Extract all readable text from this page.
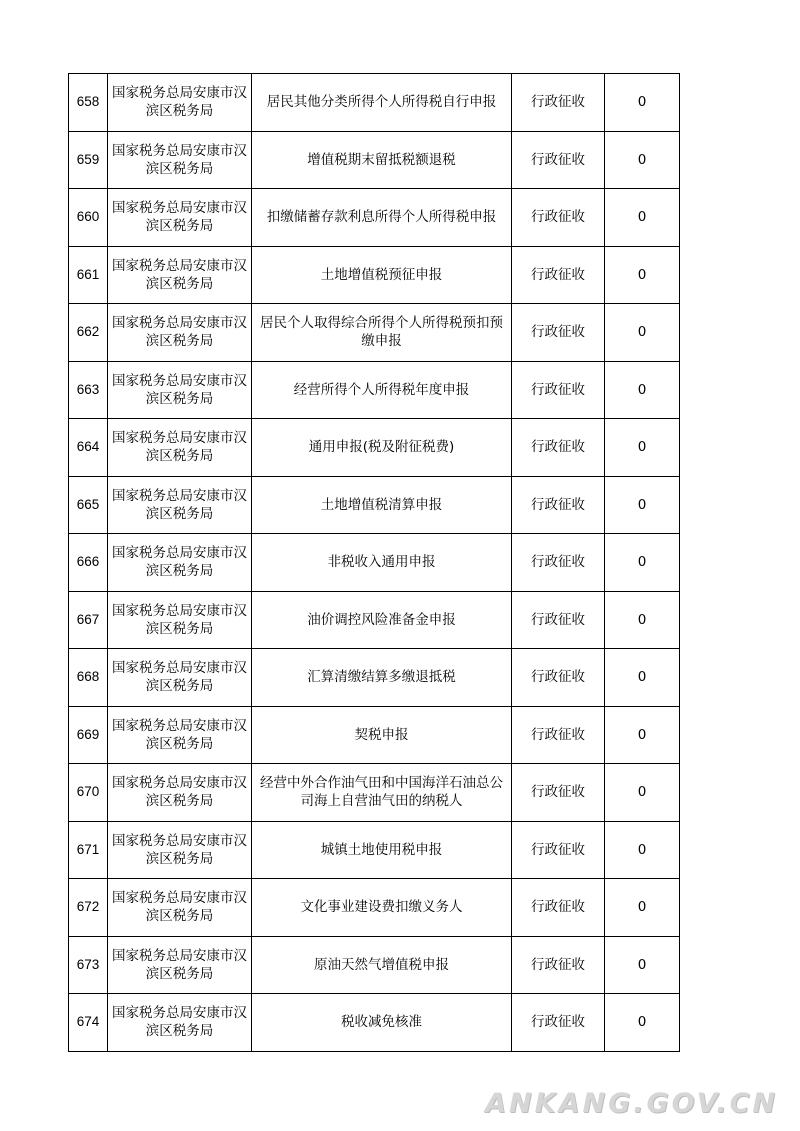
658	国家税务总局安康市汉滨区税务局	居民其他分类所得个人所得税自行申报	行政征收	0
659	国家税务总局安康市汉滨区税务局	增值税期末留抵税额退税	行政征收	0
660	国家税务总局安康市汉滨区税务局	扣缴储蓄存款利息所得个人所得税申报	行政征收	0
661	国家税务总局安康市汉滨区税务局	土地增值税预征申报	行政征收	0
662	国家税务总局安康市汉滨区税务局	居民个人取得综合所得个人所得税预扣预缴申报	行政征收	0
663	国家税务总局安康市汉滨区税务局	经营所得个人所得税年度申报	行政征收	0
664	国家税务总局安康市汉滨区税务局	通用申报(税及附征税费)	行政征收	0
665	国家税务总局安康市汉滨区税务局	土地增值税清算申报	行政征收	0
666	国家税务总局安康市汉滨区税务局	非税收入通用申报	行政征收	0
667	国家税务总局安康市汉滨区税务局	油价调控风险准备金申报	行政征收	0
668	国家税务总局安康市汉滨区税务局	汇算清缴结算多缴退抵税	行政征收	0
669	国家税务总局安康市汉滨区税务局	契税申报	行政征收	0
670	国家税务总局安康市汉滨区税务局	经营中外合作油气田和中国海洋石油总公司海上自营油气田的纳税人	行政征收	0
671	国家税务总局安康市汉滨区税务局	城镇土地使用税申报	行政征收	0
672	国家税务总局安康市汉滨区税务局	文化事业建设费扣缴义务人	行政征收	0
673	国家税务总局安康市汉滨区税务局	原油天然气增值税申报	行政征收	0
674	国家税务总局安康市汉滨区税务局	税收减免核准	行政征收	0
ANKANG.GOV.CN
